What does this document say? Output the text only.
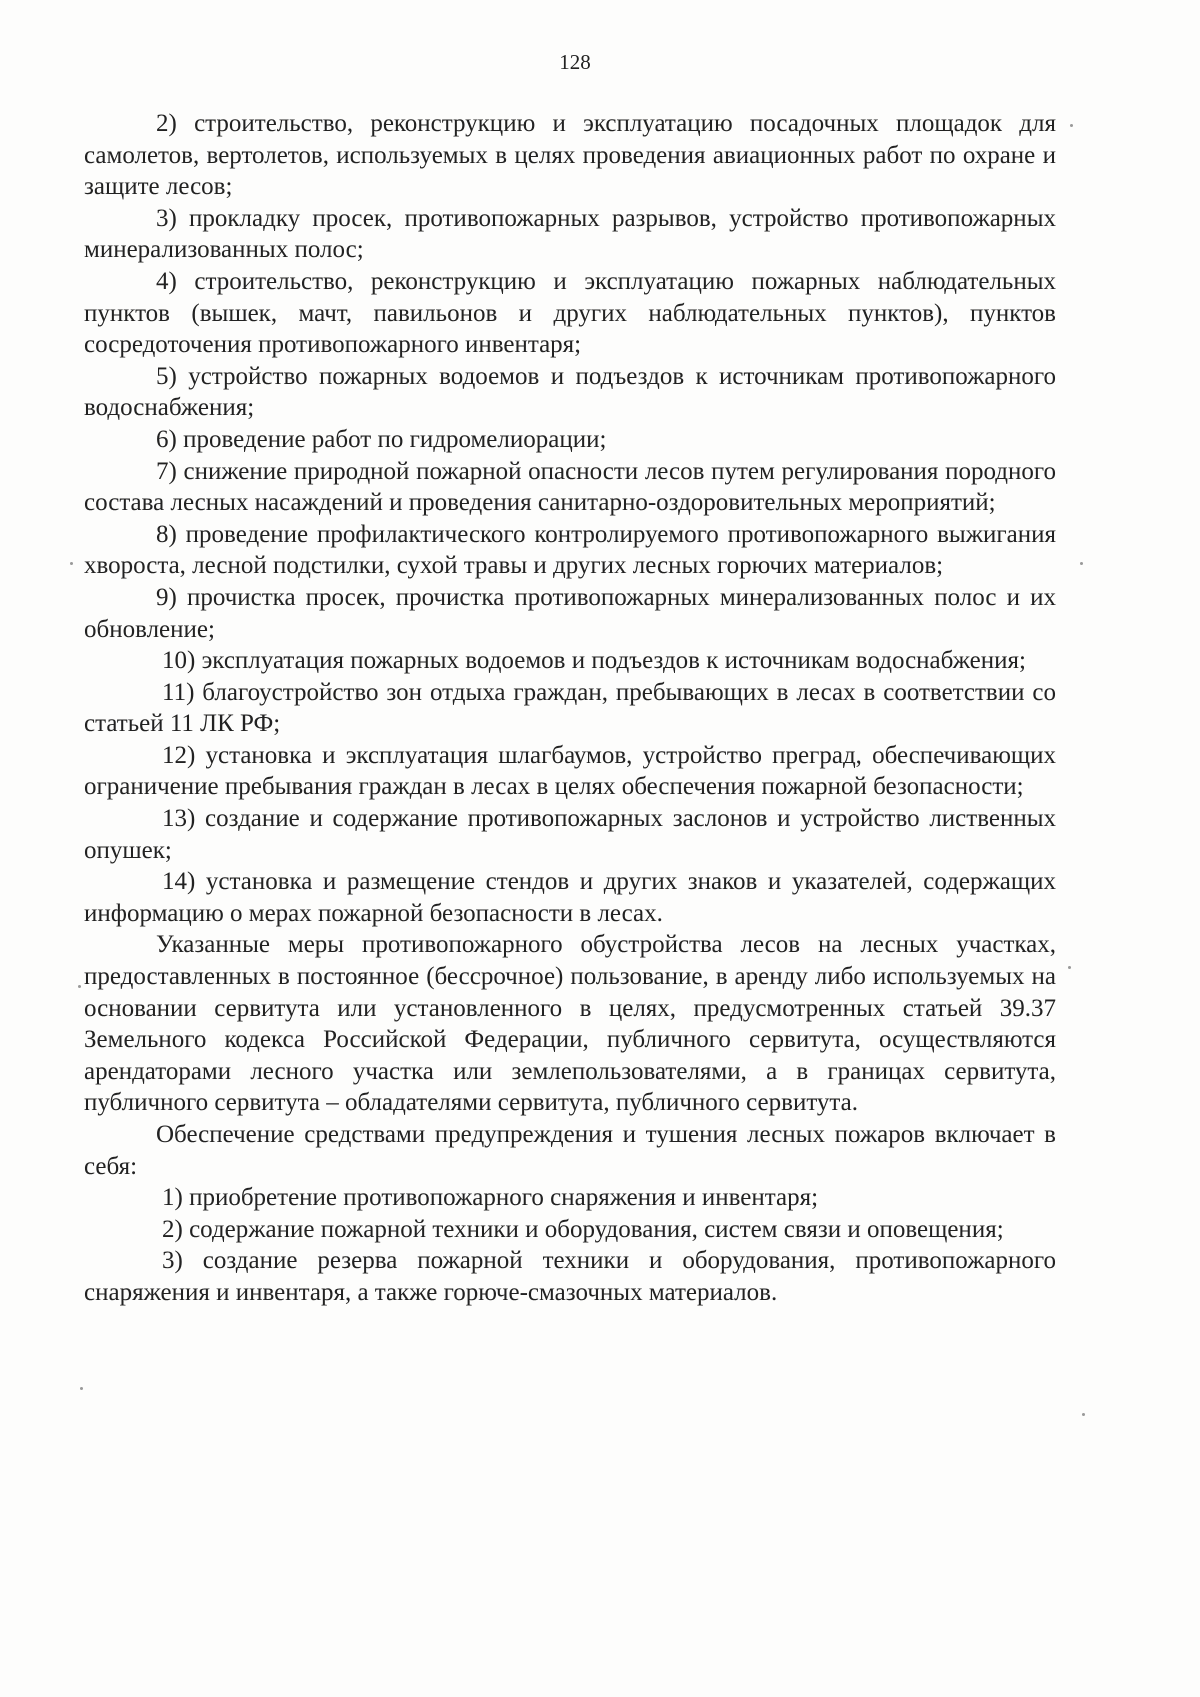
128

2) строительство, реконструкцию и эксплуатацию посадочных площадок для самолетов, вертолетов, используемых в целях проведения авиационных работ по охране и защите лесов;

3) прокладку просек, противопожарных разрывов, устройство противопожарных минерализованных полос;

4) строительство, реконструкцию и эксплуатацию пожарных наблюдательных пунктов (вышек, мачт, павильонов и других наблюдательных пунктов), пунктов сосредоточения противопожарного инвентаря;

5) устройство пожарных водоемов и подъездов к источникам противопожарного водоснабжения;

6) проведение работ по гидромелиорации;

7) снижение природной пожарной опасности лесов путем регулирования породного состава лесных насаждений и проведения санитарно-оздоровительных мероприятий;

8) проведение профилактического контролируемого противопожарного выжигания хвороста, лесной подстилки, сухой травы и других лесных горючих материалов;

9) прочистка просек, прочистка противопожарных минерализованных полос и их обновление;

10) эксплуатация пожарных водоемов и подъездов к источникам водоснабжения;

11) благоустройство зон отдыха граждан, пребывающих в лесах в соответствии со статьей 11 ЛК РФ;

12) установка и эксплуатация шлагбаумов, устройство преград, обеспечивающих ограничение пребывания граждан в лесах в целях обеспечения пожарной безопасности;

13) создание и содержание противопожарных заслонов и устройство лиственных опушек;

14) установка и размещение стендов и других знаков и указателей, содержащих информацию о мерах пожарной безопасности в лесах.

Указанные меры противопожарного обустройства лесов на лесных участках, предоставленных в постоянное (бессрочное) пользование, в аренду либо используемых на основании сервитута или установленного в целях, предусмотренных статьей 39.37 Земельного кодекса Российской Федерации, публичного сервитута, осуществляются арендаторами лесного участка или землепользователями, а в границах сервитута, публичного сервитута – обладателями сервитута, публичного сервитута.

Обеспечение средствами предупреждения и тушения лесных пожаров включает в себя:

1) приобретение противопожарного снаряжения и инвентаря;

2) содержание пожарной техники и оборудования, систем связи и оповещения;

3) создание резерва пожарной техники и оборудования, противопожарного снаряжения и инвентаря, а также горюче-смазочных материалов.
